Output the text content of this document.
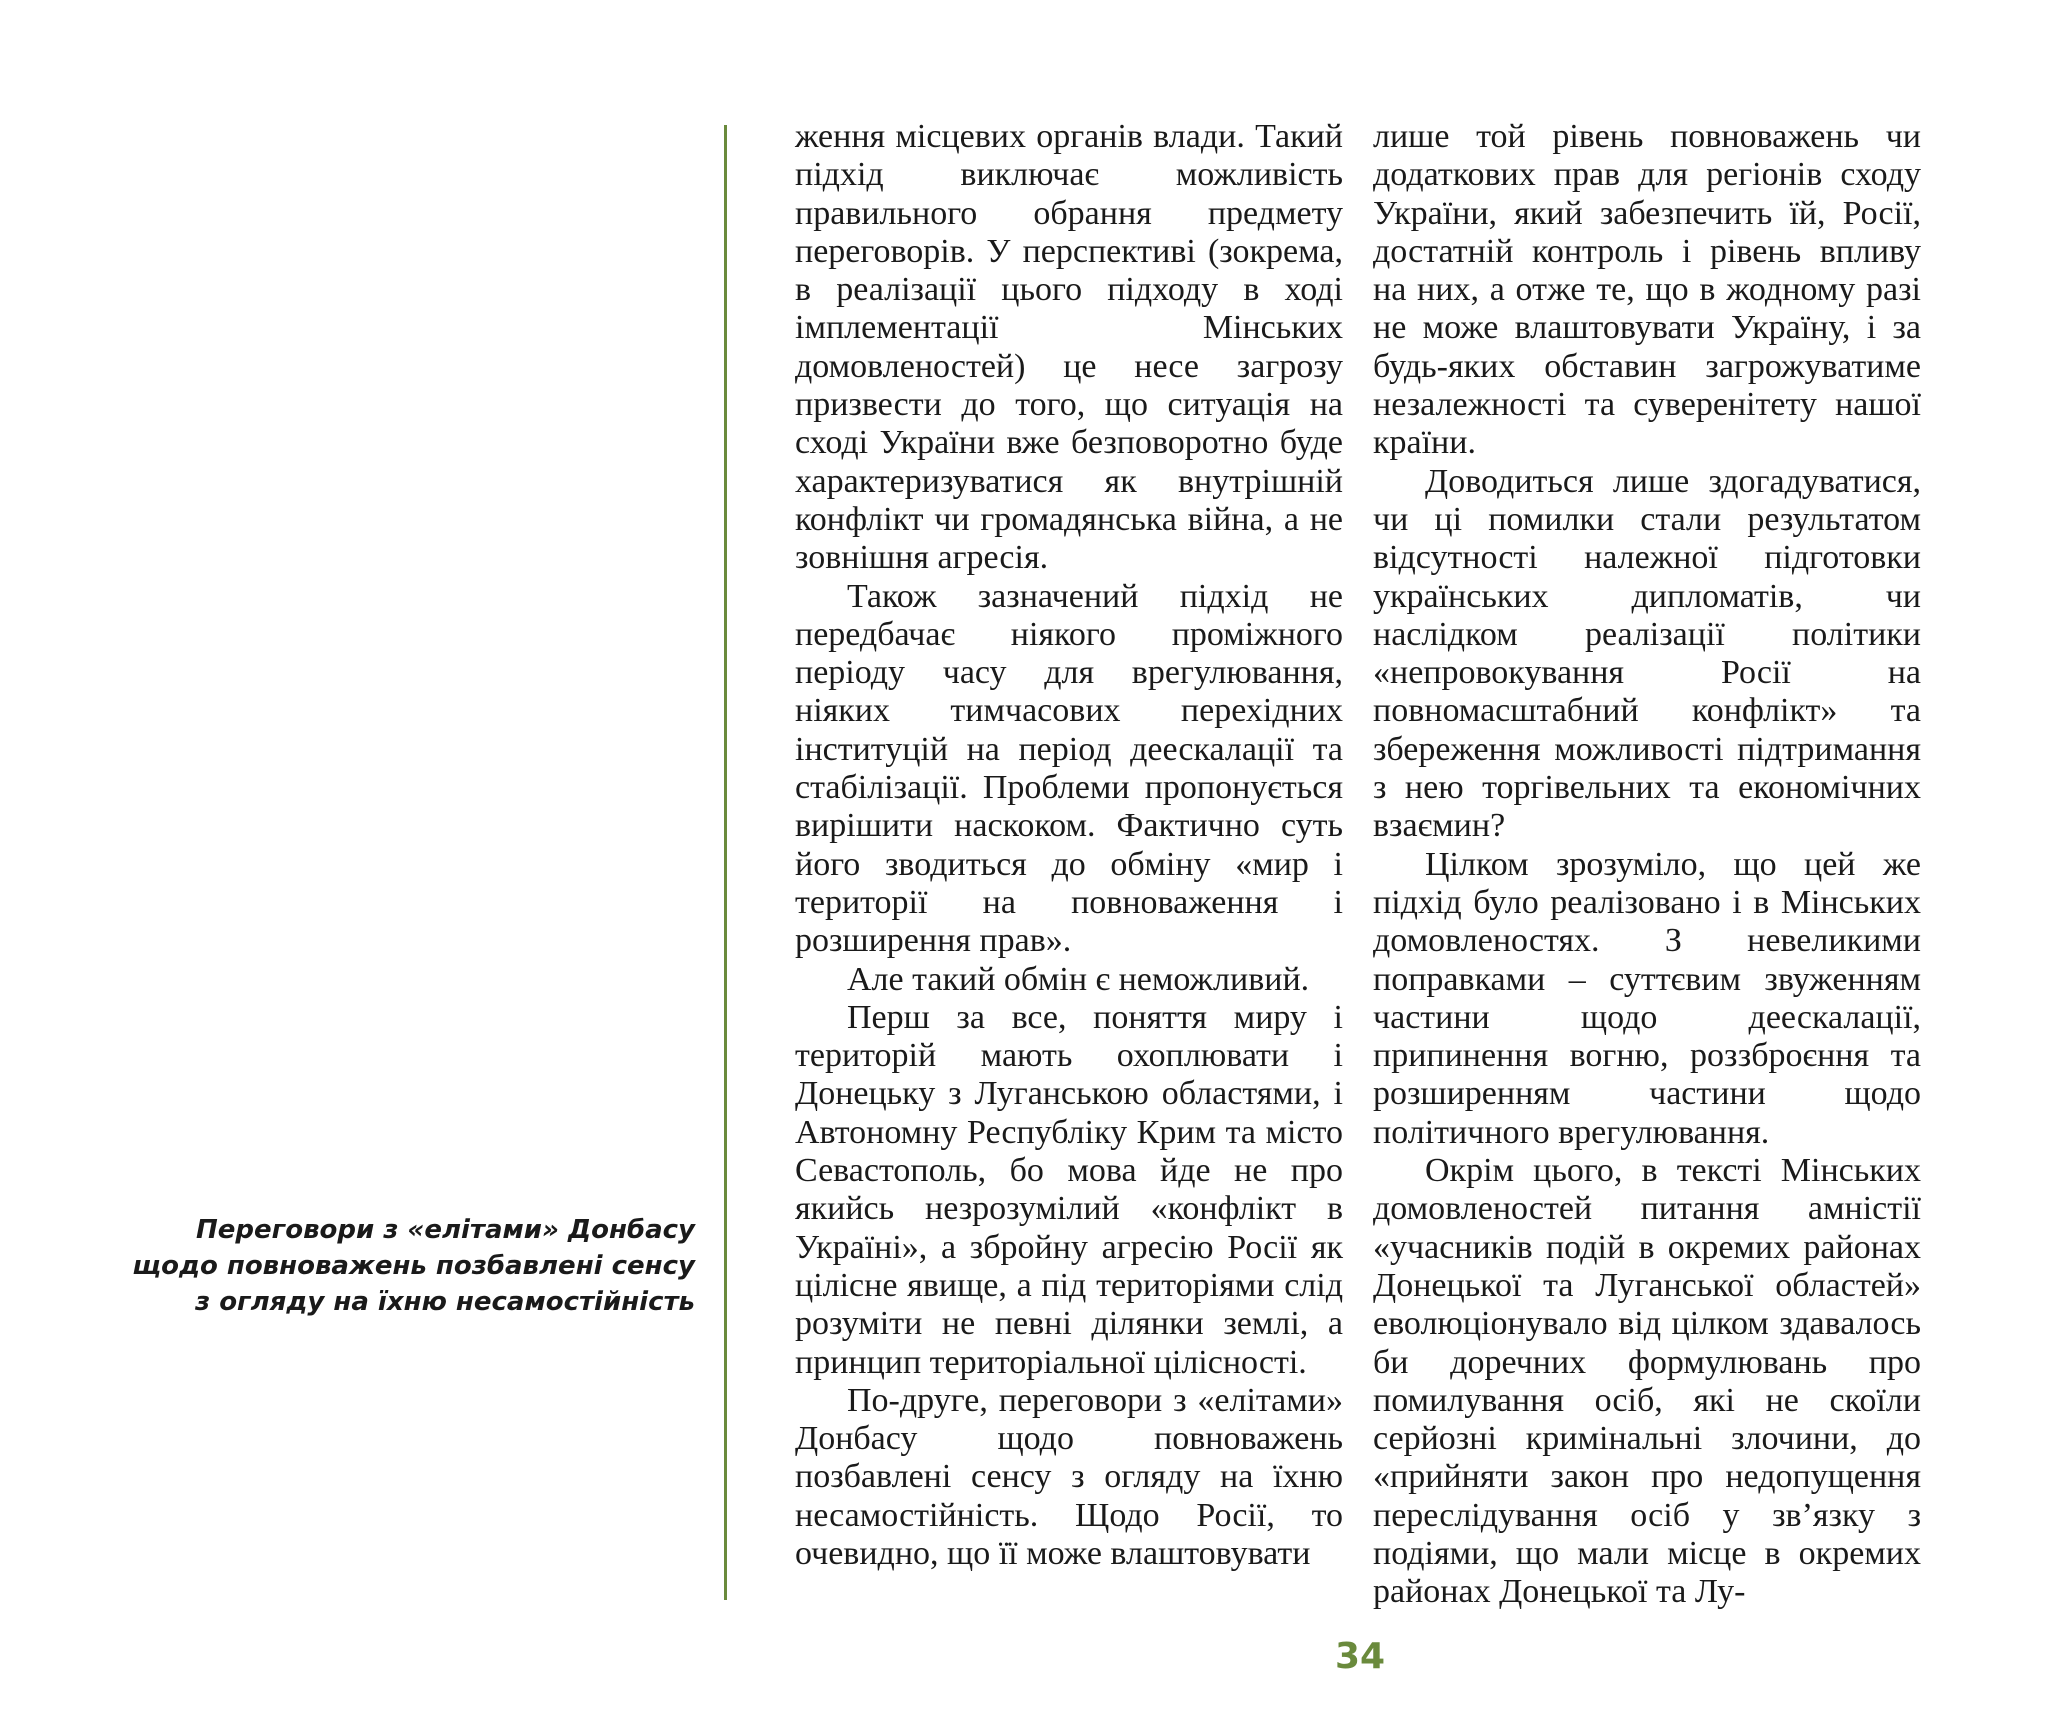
Переговори з «елітами» Донбасу
щодо повноважень позбавлені сенсу
з огляду на їхню несамостійність

ження місцевих органів влади. Такий підхід виключає можливість правильного обрання предмету переговорів. У перспективі (зокрема, в реалізації цього підходу в ході імплементації Мінських домовленостей) це несе загрозу призвести до того, що ситуація на сході України вже безповоротно буде характеризуватися як внутрішній конфлікт чи громадянська війна, а не зовнішня агресія.

Також зазначений підхід не передбачає ніякого проміжного періоду часу для врегулювання, ніяких тимчасових перехідних інституцій на період деескалації та стабілізації. Проблеми пропонується вирішити наскоком. Фактично суть його зводиться до обміну «мир і території на повноваження і розширення прав».

Але такий обмін є неможливий.

Перш за все, поняття миру і територій мають охоплювати і Донецьку з Луганською областями, і Автономну Республіку Крим та місто Севастополь, бо мова йде не про якийсь незрозумілий «конфлікт в Україні», а збройну агресію Росії як цілісне явище, а під територіями слід розуміти не певні ділянки землі, а принцип територіальної цілісності.

По-друге, переговори з «елітами» Донбасу щодо повноважень позбавлені сенсу з огляду на їхню несамостійність. Щодо Росії, то очевидно, що її може влаштовувати

лише той рівень повноважень чи додаткових прав для регіонів сходу України, який забезпечить їй, Росії, достатній контроль і рівень впливу на них, а отже те, що в жодному разі не може влаштовувати Україну, і за будь-яких обставин загрожуватиме незалежності та суверенітету нашої країни.

Доводиться лише здогадуватися, чи ці помилки стали результатом відсутності належної підготовки українських дипломатів, чи наслідком реалізації політики «непровокування Росії на повномасштабний конфлікт» та збереження можливості підтримання з нею торгівельних та економічних взаємин?

Цілком зрозуміло, що цей же підхід було реалізовано і в Мінських домовленостях. З невеликими поправками – суттєвим звуженням частини щодо деескалації, припинення вогню, роззброєння та розширенням частини щодо політичного врегулювання.

Окрім цього, в тексті Мінських домовленостей питання амністії «учасників подій в окремих районах Донецької та Луганської областей» еволюціонувало від цілком здавалось би доречних формулювань про помилування осіб, які не скоїли серйозні кримінальні злочини, до «прийняти закон про недопущення переслідування осіб у зв’язку з подіями, що мали місце в окремих районах Донецької та Лу-

34
